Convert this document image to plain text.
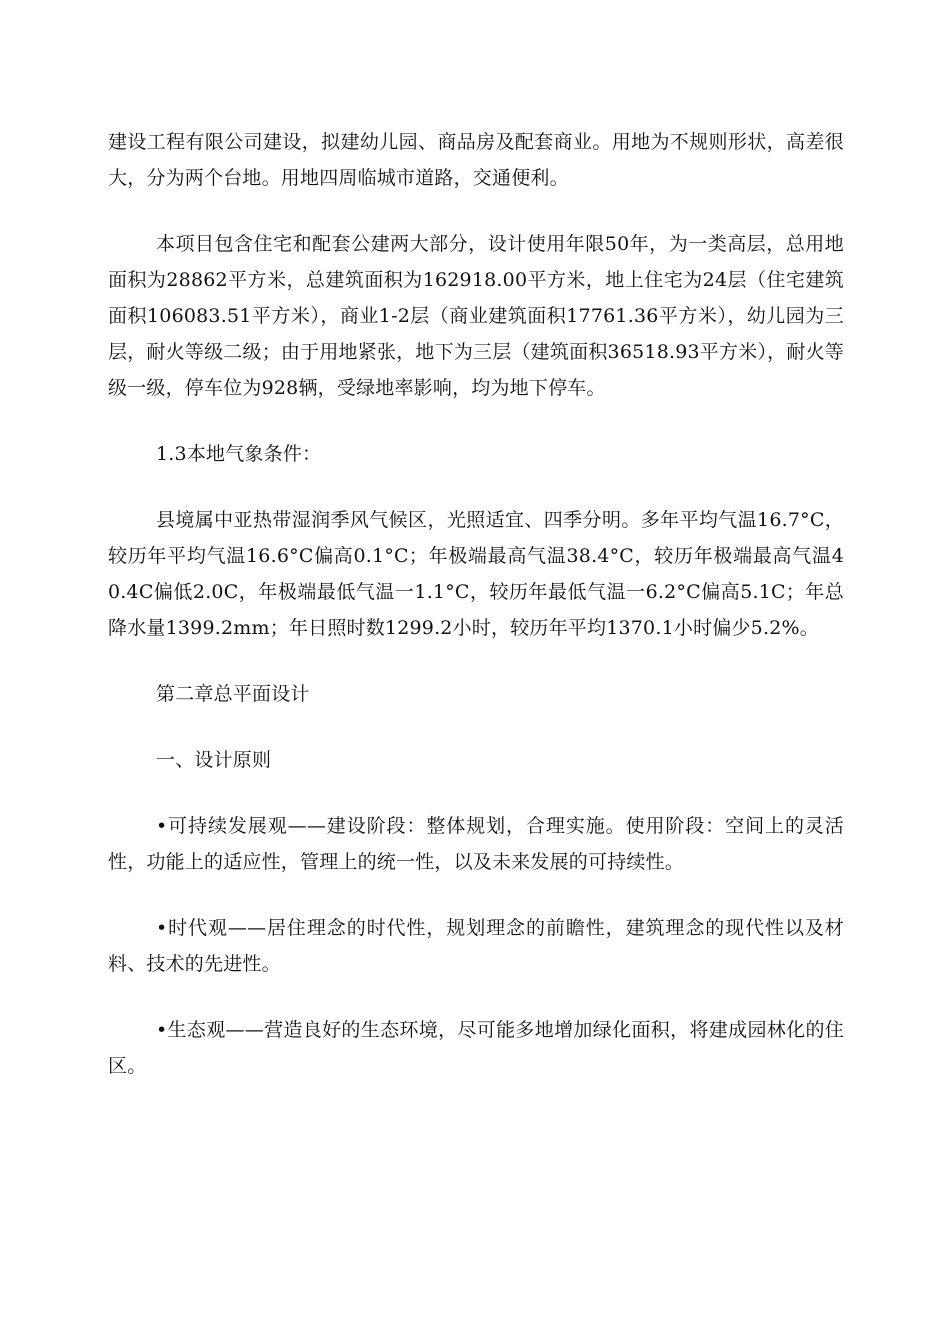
建设工程有限公司建设，拟建幼儿园、商品房及配套商业。用地为不规则形状，高差很大，分为两个台地。用地四周临城市道路，交通便利。

本项目包含住宅和配套公建两大部分，设计使用年限50年，为一类高层，总用地面积为28862平方米，总建筑面积为162918.00平方米，地上住宅为24层（住宅建筑面积106083.51平方米），商业1-2层（商业建筑面积17761.36平方米），幼儿园为三层，耐火等级二级；由于用地紧张，地下为三层（建筑面积36518.93平方米），耐火等级一级，停车位为928辆，受绿地率影响，均为地下停车。

1.3本地气象条件：

县境属中亚热带湿润季风气候区，光照适宜、四季分明。多年平均气温16.7°C，较历年平均气温16.6°C偏高0.1°C；年极端最高气温38.4°C，较历年极端最高气温40.4C偏低2.0C，年极端最低气温一1.1°C，较历年最低气温一6.2°C偏高5.1C；年总降水量1399.2mm；年日照时数1299.2小时，较历年平均1370.1小时偏少5.2%。

第二章总平面设计

一、设计原则

•可持续发展观——建设阶段：整体规划，合理实施。使用阶段：空间上的灵活性，功能上的适应性，管理上的统一性，以及未来发展的可持续性。

•时代观——居住理念的时代性，规划理念的前瞻性，建筑理念的现代性以及材料、技术的先进性。

•生态观——营造良好的生态环境，尽可能多地增加绿化面积，将建成园林化的住区。
